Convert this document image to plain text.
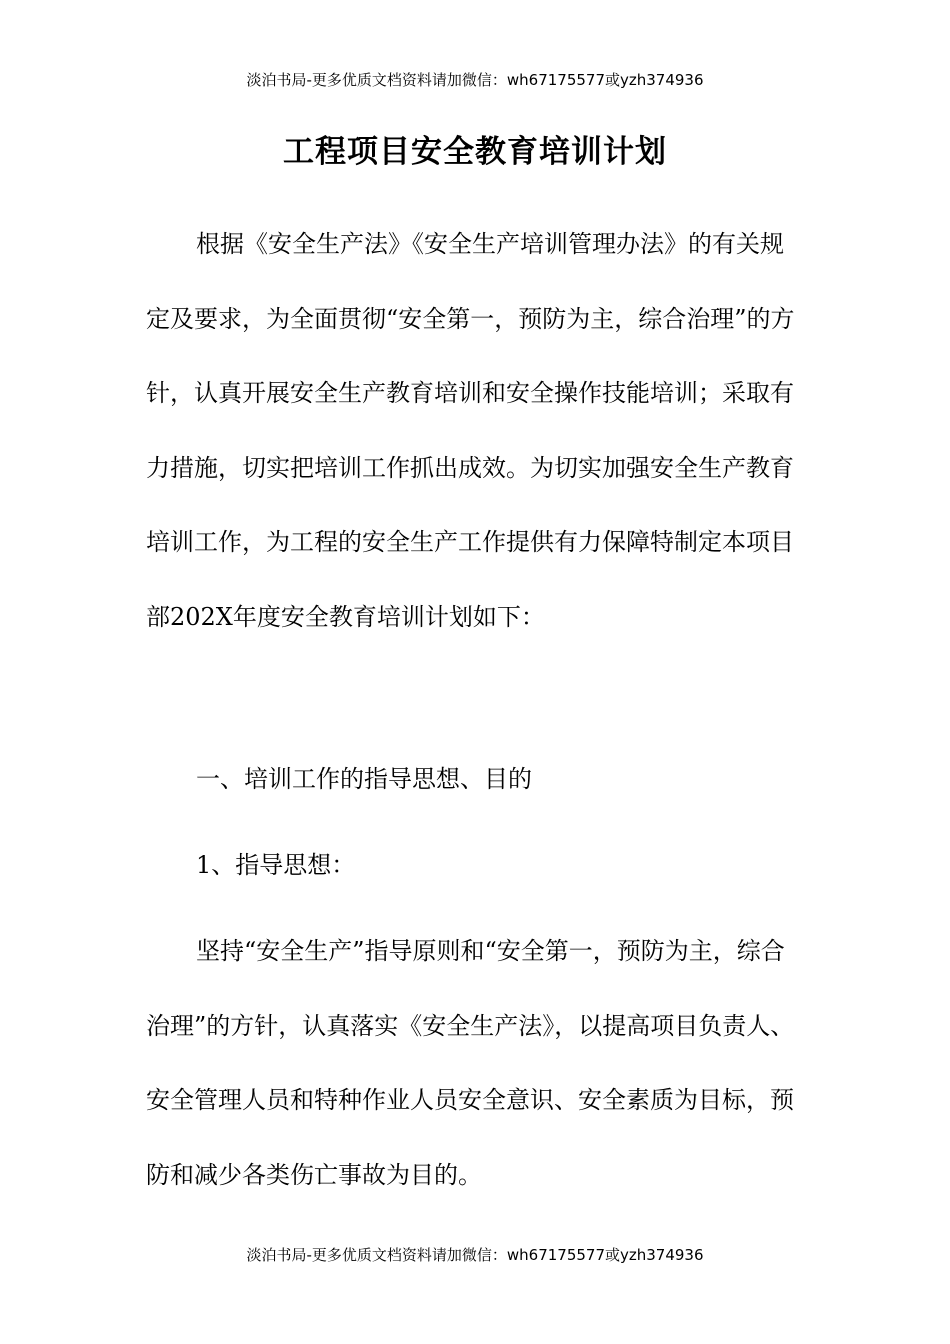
淡泊书局-更多优质文档资料请加微信：wh67175577或yzh374936
工程项目安全教育培训计划

根据《安全生产法》《安全生产培训管理办法》的有关规定及要求，为全面贯彻“安全第一，预防为主，综合治理”的方针，认真开展安全生产教育培训和安全操作技能培训；采取有力措施，切实把培训工作抓出成效。为切实加强安全生产教育培训工作，为工程的安全生产工作提供有力保障特制定本项目部202X年度安全教育培训计划如下：

一、培训工作的指导思想、目的

1、指导思想：

坚持“安全生产”指导原则和“安全第一，预防为主，综合治理”的方针，认真落实《安全生产法》，以提高项目负责人、安全管理人员和特种作业人员安全意识、安全素质为目标，预防和减少各类伤亡事故为目的。

淡泊书局-更多优质文档资料请加微信：wh67175577或yzh374936
